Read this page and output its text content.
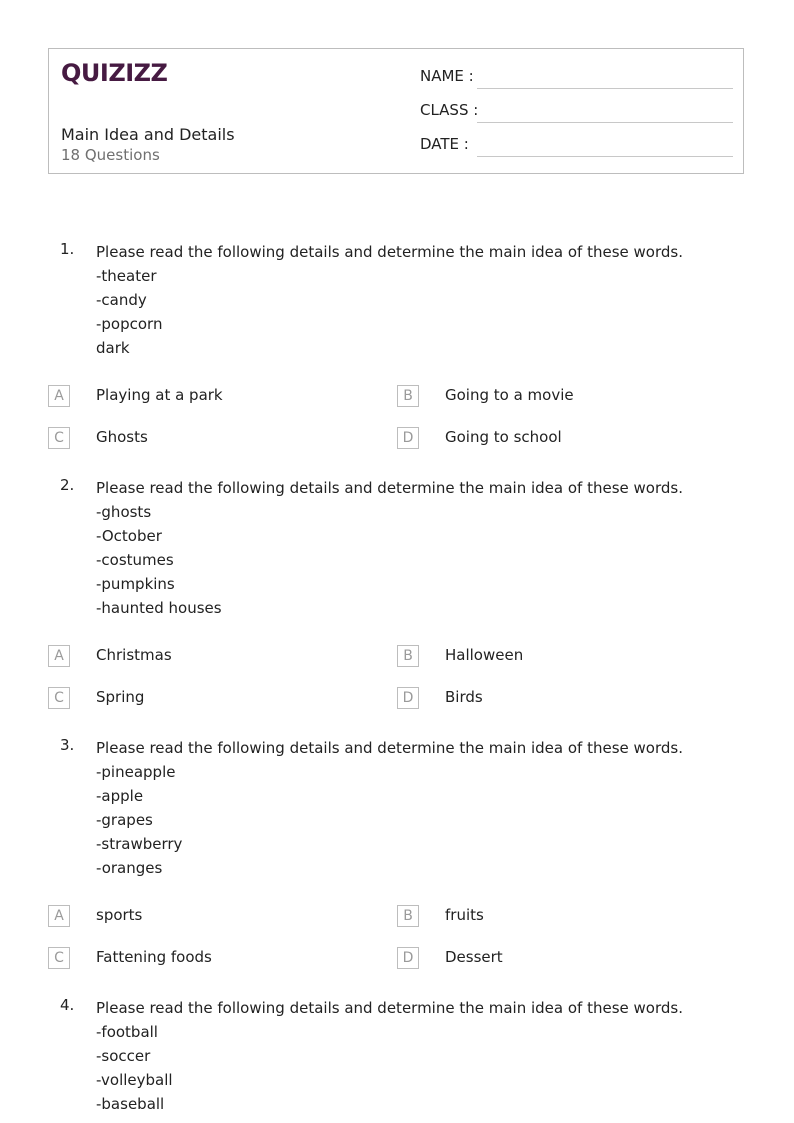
QUIZIZZ
Main Idea and Details
18 Questions
NAME :
CLASS :
DATE :
1. Please read the following details and determine the main idea of these words.
-theater
-candy
-popcorn
dark
A	Playing at a park	B	Going to a movie
C	Ghosts	D	Going to school
2. Please read the following details and determine the main idea of these words.
-ghosts
-October
-costumes
-pumpkins
-haunted houses
A	Christmas	B	Halloween
C	Spring	D	Birds
3. Please read the following details and determine the main idea of these words.
-pineapple
-apple
-grapes
-strawberry
-oranges
A	sports	B	fruits
C	Fattening foods	D	Dessert
4. Please read the following details and determine the main idea of these words.
-football
-soccer
-volleyball
-baseball
